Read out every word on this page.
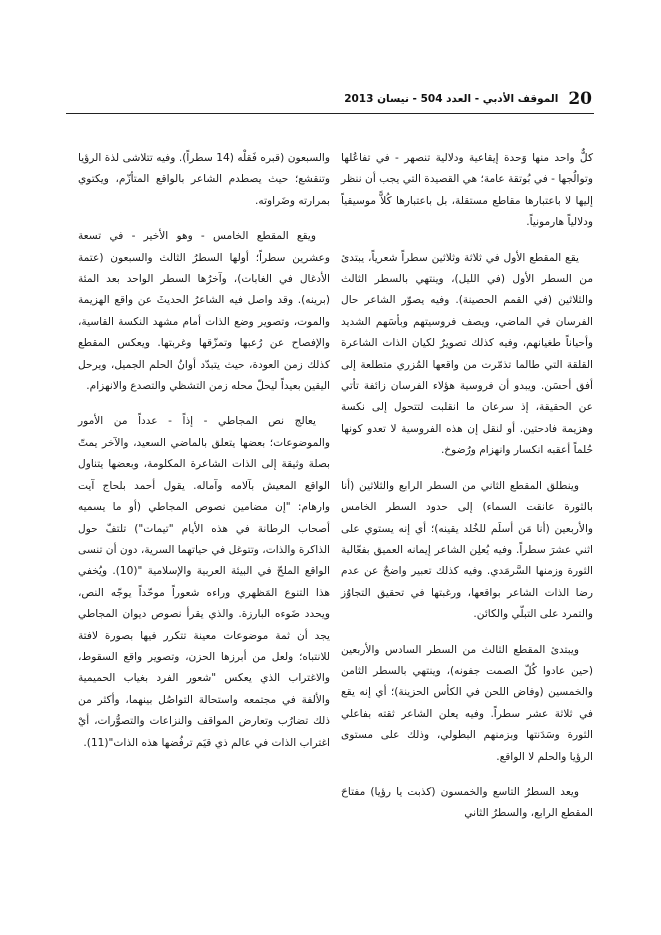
20
الموقف الأدبي - العدد 504 - نيسان 2013

كلٌّ واحد منها وَحدة إيقاعية ودلالية تنصهر - في تفاعُلها وتوالُجها - في بُوتقة عامة؛ هي القصيدة التي يجب أن ننظر إليها لا باعتبارها مقاطع مستقلة، بل باعتبارها كُلاًّ موسيقياً ودلالياً هارمونياً.

يقع المقطع الأول في ثلاثة وثلاثين سطراً شعرياً، يبتدئ من السطر الأول (في الليل)، وينتهي بالسطر الثالث والثلاثين (في القمم الحصينة). وفيه يصوّر الشاعر حال الفرسان في الماضي، ويصف فروسيتهم وبأسَهم الشديد وأحياناً طغيانهم، وفيه كذلك تصويرٌ لكيان الذات الشاعرة القلقة التي طالما تذمّرت من واقعها المُزري متطلعة إلى أفق أحسَن. ويبدو أن فروسية هؤلاء الفرسان زائفة تأتي عن الحقيقة، إذ سرعان ما انقلبت لتتحول إلى نكسة وهزيمة فادحتين. أو لنقل إن هذه الفروسية لا تعدو كونها حُلماً أعقبه انكسار وانهزام ورُضوخ.

وينطلق المقطع الثاني من السطر الرابع والثلاثين (أنا بالثورة عانقت السماء) إلى حدود السطر الخامس والأربعين (أنا مَن أسلَم للخُلد يقينه)؛ أي إنه يستوي على اثني عشرَ سطراً. وفيه يُعلِن الشاعر إيمانه العميق بفعّالية الثورة وزمنها السَّرمَدي. وفيه كذلك تعبير واضحٌ عن عدم رضا الذات الشاعر بواقعها، ورغبتها في تحقيق التجاوُز والتمرد على التبلّي والكائن.

ويبتدئ المقطع الثالث من السطر السادس والأربعين (حين عادوا كُلّ الصمت جفونه)، وينتهي بالسطر الثامن والخمسين (وفاض اللحن في الكأس الحزينة)؛ أي إنه يقع في ثلاثة عشر سطراً. وفيه يعلن الشاعر ثقته بفاعلي الثورة وسَدَنتها وبزمنهم البطولي، وذلك على مستوى الرؤيا والحلم لا الواقع.

ويعد السطرُ التاسع والخمسون (كذبت يا رؤيا) مفتاحَ المقطع الرابع، والسطرُ الثاني

والسبعون (قبره فَقلْه (14 سطراً). وفيه تتلاشى لذة الرؤيا وتنقشع؛ حيث يصطدم الشاعر بالواقع المتأزّم، ويكتوي بمرارته وضَراوته.

ويقع المقطع الخامس - وهو الأخير - في تسعة وعشرين سطراً؛ أولها السطرُ الثالث والسبعون (عتمة الأدغال في الغابات)، وآخرُها السطر الواحد بعد المئة (برينه). وقد واصل فيه الشاعرُ الحديثَ عن واقع الهزيمة والموت، وتصوير وضع الذات أمام مشهد النكسة القاسية، والإفصاح عن رُعبها وتمزّقها وغربتها. ويعكس المقطع كذلك زمن العودة، حيث يتبدّد أوانُ الحلم الجميل، ويرحل اليقين بعيداً ليحلّ محله زمن التشظي والتصدع والانهزام.

يعالج نص المجاطي - إذاً - عدداً من الأمور والموضوعات؛ بعضها يتعلق بالماضي السعيد، والآخر يمتّ بصلة وثيقة إلى الذات الشاعرة المكلومة، وبعضها يتناول الواقع المعيش بآلامه وآماله. يقول أحمد بلحاج آيت وارهام: "إن مضامين نصوص المجاطي (أو ما يسميه أصحاب الرطانة في هذه الأيام "تيمات") تلتفّ حول الذاكرة والذات، وتتوغل في حياتهما السرية، دون أن تنسى الواقع الملحّ في البيئة العربية والإسلامية "(10). ويُخفي هذا التنوع المَظهري وراءه شعوراً موحّداً يوجّه النص، ويحدد ضَوءه البارزة. والذي يقرأ نصوص ديوان المجاطي يجد أن ثمة موضوعات معينة تتكرر فيها بصورة لافتة للانتباه؛ ولعل من أبرزها الحزن، وتصوير واقع السقوط، والاغتراب الذي يعكس "شعور الفرد بغياب الحميمية والألفة في مجتمعه واستحالة التواصُل بينهما، وأكثر من ذلك تضارُب وتعارض المواقف والنزاعات والتصوُّرات، أيْ اغتراب الذات في عالم ذي قيَم ترفُضها هذه الذات"(11).
